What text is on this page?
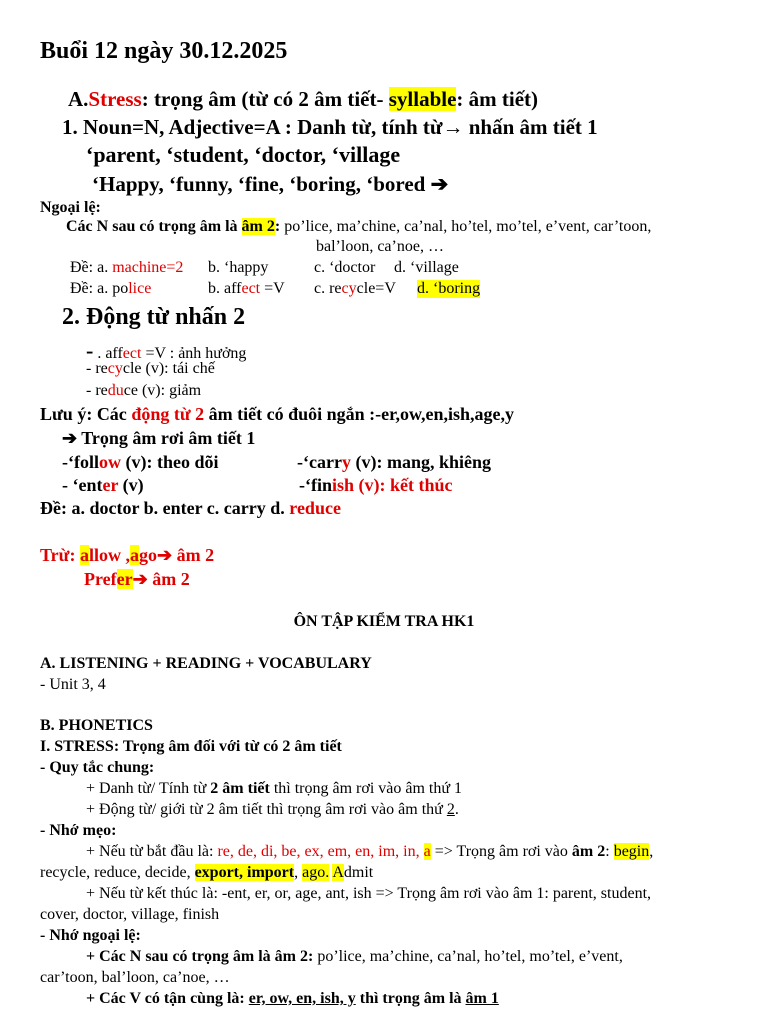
Buổi 12 ngày 30.12.2025
A.Stress: trọng âm (từ có 2 âm tiết- syllable: âm tiết)
1. Noun=N, Adjective=A : Danh từ, tính từ→ nhấn âm tiết 1
‘parent, ‘student, ‘doctor, ‘village
‘Happy, ‘funny, ‘fine, ‘boring, ‘bored ➔
Ngoại lệ:
Các N sau có trọng âm là âm 2: po’lice, ma’chine, ca’nal, ho’tel, mo’tel, e’vent, car’toon,
bal’loon, ca’noe, …
Đề: a. machine=2 b. ‘happy	c. ‘doctor d. ‘village
Đề: a. police	b. affect =V c. recycle=V d. ‘boring
2. Động từ nhấn 2
- . affect =V : ảnh hưởng
- recycle (v): tái chế
- reduce (v): giảm
Lưu ý: Các động từ 2 âm tiết có đuôi ngắn :-er,ow,en,ish,age,y
➔ Trọng âm rơi âm tiết 1
-‘follow (v): theo dõi	-‘carry (v): mang, khiêng
- ‘enter (v)	-‘finish (v): kết thúc
Đề: a. doctor b. enter c. carry d. reduce
Trừ: allow ,ago➔ âm 2
Prefer➔ âm 2
ÔN TẬP KIỂM TRA HK1
A. LISTENING + READING + VOCABULARY
- Unit 3, 4
B. PHONETICS
I. STRESS: Trọng âm đối với từ có 2 âm tiết
- Quy tắc chung:
+ Danh từ/ Tính từ 2 âm tiết thì trọng âm rơi vào âm thứ 1
+ Động từ/ giới từ 2 âm tiết thì trọng âm rơi vào âm thứ 2.
- Nhớ mẹo:
+ Nếu từ bắt đầu là: re, de, di, be, ex, em, en, im, in, a => Trọng âm rơi vào âm 2: begin,
recycle, reduce, decide, export, import, ago. Admit
+ Nếu từ kết thúc là: -ent, er, or, age, ant, ish => Trọng âm rơi vào âm 1: parent, student,
cover, doctor, village, finish
- Nhớ ngoại lệ:
+ Các N sau có trọng âm là âm 2: po’lice, ma’chine, ca’nal, ho’tel, mo’tel, e’vent,
car’toon, bal’loon, ca’noe, …
+ Các V có tận cùng là: er, ow, en, ish, y thì trọng âm là âm 1
